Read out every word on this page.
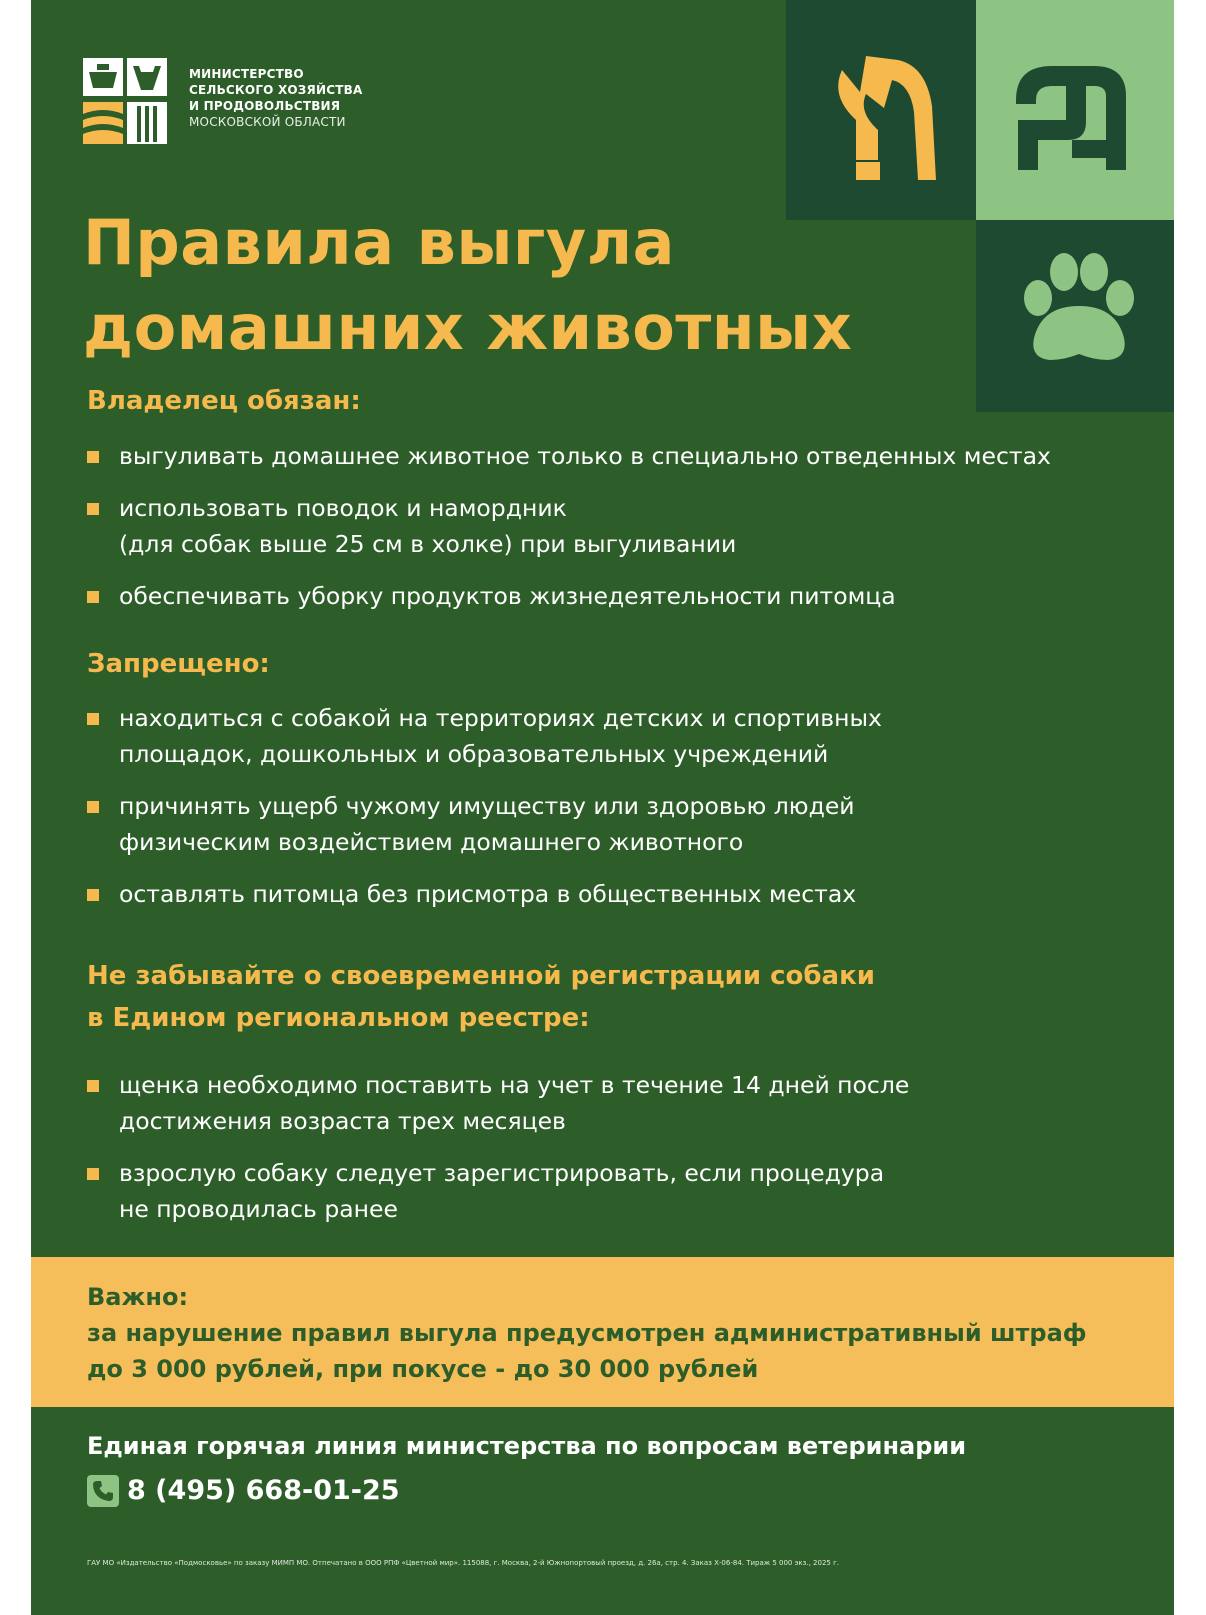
МИНИСТЕРСТВО
СЕЛЬСКОГО ХОЗЯЙСТВА
И ПРОДОВОЛЬСТВИЯ
МОСКОВСКОЙ ОБЛАСТИ
Правила выгула
домашних животных
Владелец обязан:
выгуливать домашнее животное только в специально отведенных местах
использовать поводок и намордник
(для собак выше 25 см в холке) при выгуливании
обеспечивать уборку продуктов жизнедеятельности питомца
Запрещено:
находиться с собакой на территориях детских и спортивных
площадок, дошкольных и образовательных учреждений
причинять ущерб чужому имуществу или здоровью людей
физическим воздействием домашнего животного
оставлять питомца без присмотра в общественных местах
Не забывайте о своевременной регистрации собаки
в Едином региональном реестре:
щенка необходимо поставить на учет в течение 14 дней после
достижения возраста трех месяцев
взрослую собаку следует зарегистрировать, если процедура
не проводилась ранее
Важно:
за нарушение правил выгула предусмотрен административный штраф
до 3 000 рублей, при покусе - до 30 000 рублей
Единая горячая линия министерства по вопросам ветеринарии
8 (495) 668-01-25
ГАУ МО «Издательство «Подмосковье» по заказу МИМП МО. Отпечатано в ООО РПФ «Цветной мир». 115088, г. Москва, 2-й Южнопортовый проезд, д. 26а, стр. 4. Заказ Х-06-84. Тираж 5 000 экз., 2025 г.
